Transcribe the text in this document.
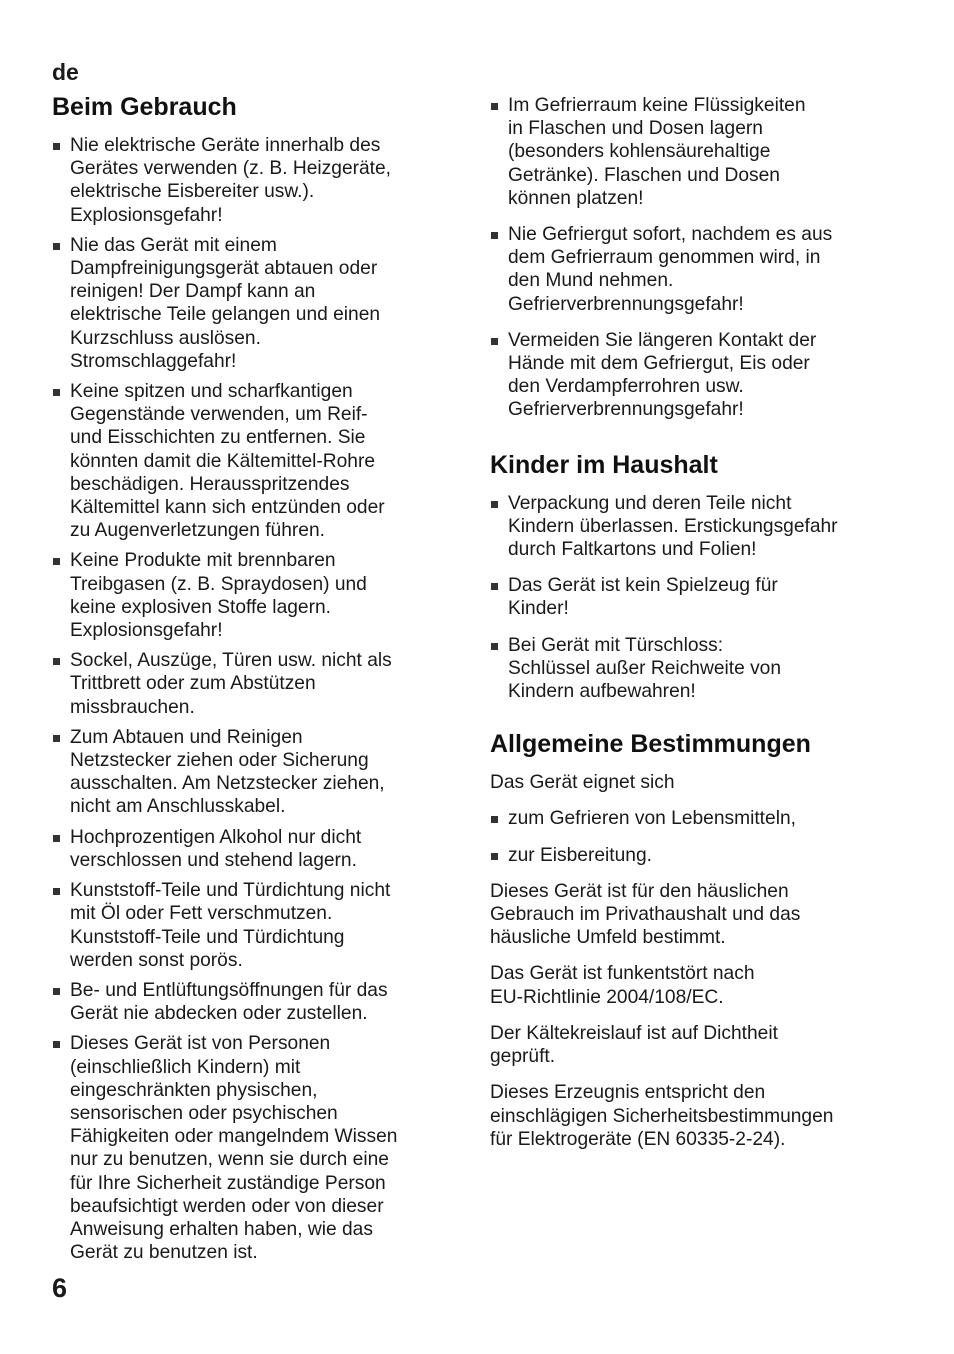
de
Beim Gebrauch
Nie elektrische Geräte innerhalb des
Gerätes verwenden (z. B. Heizgeräte,
elektrische Eisbereiter usw.).
Explosionsgefahr!
Nie das Gerät mit einem
Dampfreinigungsgerät abtauen oder
reinigen! Der Dampf kann an
elektrische Teile gelangen und einen
Kurzschluss auslösen.
Stromschlaggefahr!
Keine spitzen und scharfkantigen
Gegenstände verwenden, um Reif-
und Eisschichten zu entfernen. Sie
könnten damit die Kältemittel-Rohre
beschädigen. Herausspritzendes
Kältemittel kann sich entzünden oder
zu Augenverletzungen führen.
Keine Produkte mit brennbaren
Treibgasen (z. B. Spraydosen) und
keine explosiven Stoffe lagern.
Explosionsgefahr!
Sockel, Auszüge, Türen usw. nicht als
Trittbrett oder zum Abstützen
missbrauchen.
Zum Abtauen und Reinigen
Netzstecker ziehen oder Sicherung
ausschalten. Am Netzstecker ziehen,
nicht am Anschlusskabel.
Hochprozentigen Alkohol nur dicht
verschlossen und stehend lagern.
Kunststoff-Teile und Türdichtung nicht
mit Öl oder Fett verschmutzen.
Kunststoff-Teile und Türdichtung
werden sonst porös.
Be- und Entlüftungsöffnungen für das
Gerät nie abdecken oder zustellen.
Dieses Gerät ist von Personen
(einschließlich Kindern) mit
eingeschränkten physischen,
sensorischen oder psychischen
Fähigkeiten oder mangelndem Wissen
nur zu benutzen, wenn sie durch eine
für Ihre Sicherheit zuständige Person
beaufsichtigt werden oder von dieser
Anweisung erhalten haben, wie das
Gerät zu benutzen ist.
Im Gefrierraum keine Flüssigkeiten
in Flaschen und Dosen lagern
(besonders kohlensäurehaltige
Getränke). Flaschen und Dosen
können platzen!
Nie Gefriergut sofort, nachdem es aus
dem Gefrierraum genommen wird, in
den Mund nehmen.
Gefrierverbrennungsgefahr!
Vermeiden Sie längeren Kontakt der
Hände mit dem Gefriergut, Eis oder
den Verdampferrohren usw.
Gefrierverbrennungsgefahr!
Kinder im Haushalt
Verpackung und deren Teile nicht
Kindern überlassen. Erstickungsgefahr
durch Faltkartons und Folien!
Das Gerät ist kein Spielzeug für
Kinder!
Bei Gerät mit Türschloss:
Schlüssel außer Reichweite von
Kindern aufbewahren!
Allgemeine Bestimmungen

Das Gerät eignet sich

zum Gefrieren von Lebensmitteln,
zur Eisbereitung.

Dieses Gerät ist für den häuslichen
Gebrauch im Privathaushalt und das
häusliche Umfeld bestimmt.

Das Gerät ist funkentstört nach
EU-Richtlinie 2004/108/EC.

Der Kältekreislauf ist auf Dichtheit
geprüft.

Dieses Erzeugnis entspricht den
einschlägigen Sicherheitsbestimmungen
für Elektrogeräte (EN 60335-2-24).

6
